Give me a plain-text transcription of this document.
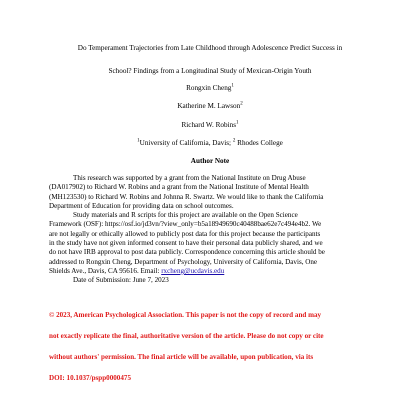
Do Temperament Trajectories from Late Childhood through Adolescence Predict Success in
School? Findings from a Longitudinal Study of Mexican-Origin Youth
Rongxin Cheng$^1$
Katherine M. Lawson$^2$
Richard W. Robins$^1$
$^1$University of California, Davis; $^2$ Rhodes College
Author Note
This research was supported by a grant from the National Institute on Drug Abuse
(DA017902) to Richard W. Robins and a grant from the National Institute of Mental Health
(MH123530) to Richard W. Robins and Johnna R. Swartz. We would like to thank the California
Department of Education for providing data on school outcomes.
Study materials and R scripts for this project are available on the Open Science
Framework (OSF): https://osf.io/jd3vn/?view_only=b5a18949690c40488bae62e7c494e4b2. We
are not legally or ethically allowed to publicly post data for this project because the participants
in the study have not given informed consent to have their personal data publicly shared, and we
do not have IRB approval to post data publicly. Correspondence concerning this article should be
addressed to Rongxin Cheng, Department of Psychology, University of California, Davis, One
Shields Ave., Davis, CA 95616. Email: rxcheng@ucdavis.edu
Date of Submission: June 7, 2023
© 2023, American Psychological Association. This paper is not the copy of record and may
not exactly replicate the final, authoritative version of the article. Please do not copy or cite
without authors' permission. The final article will be available, upon publication, via its
DOI: 10.1037/pspp0000475
